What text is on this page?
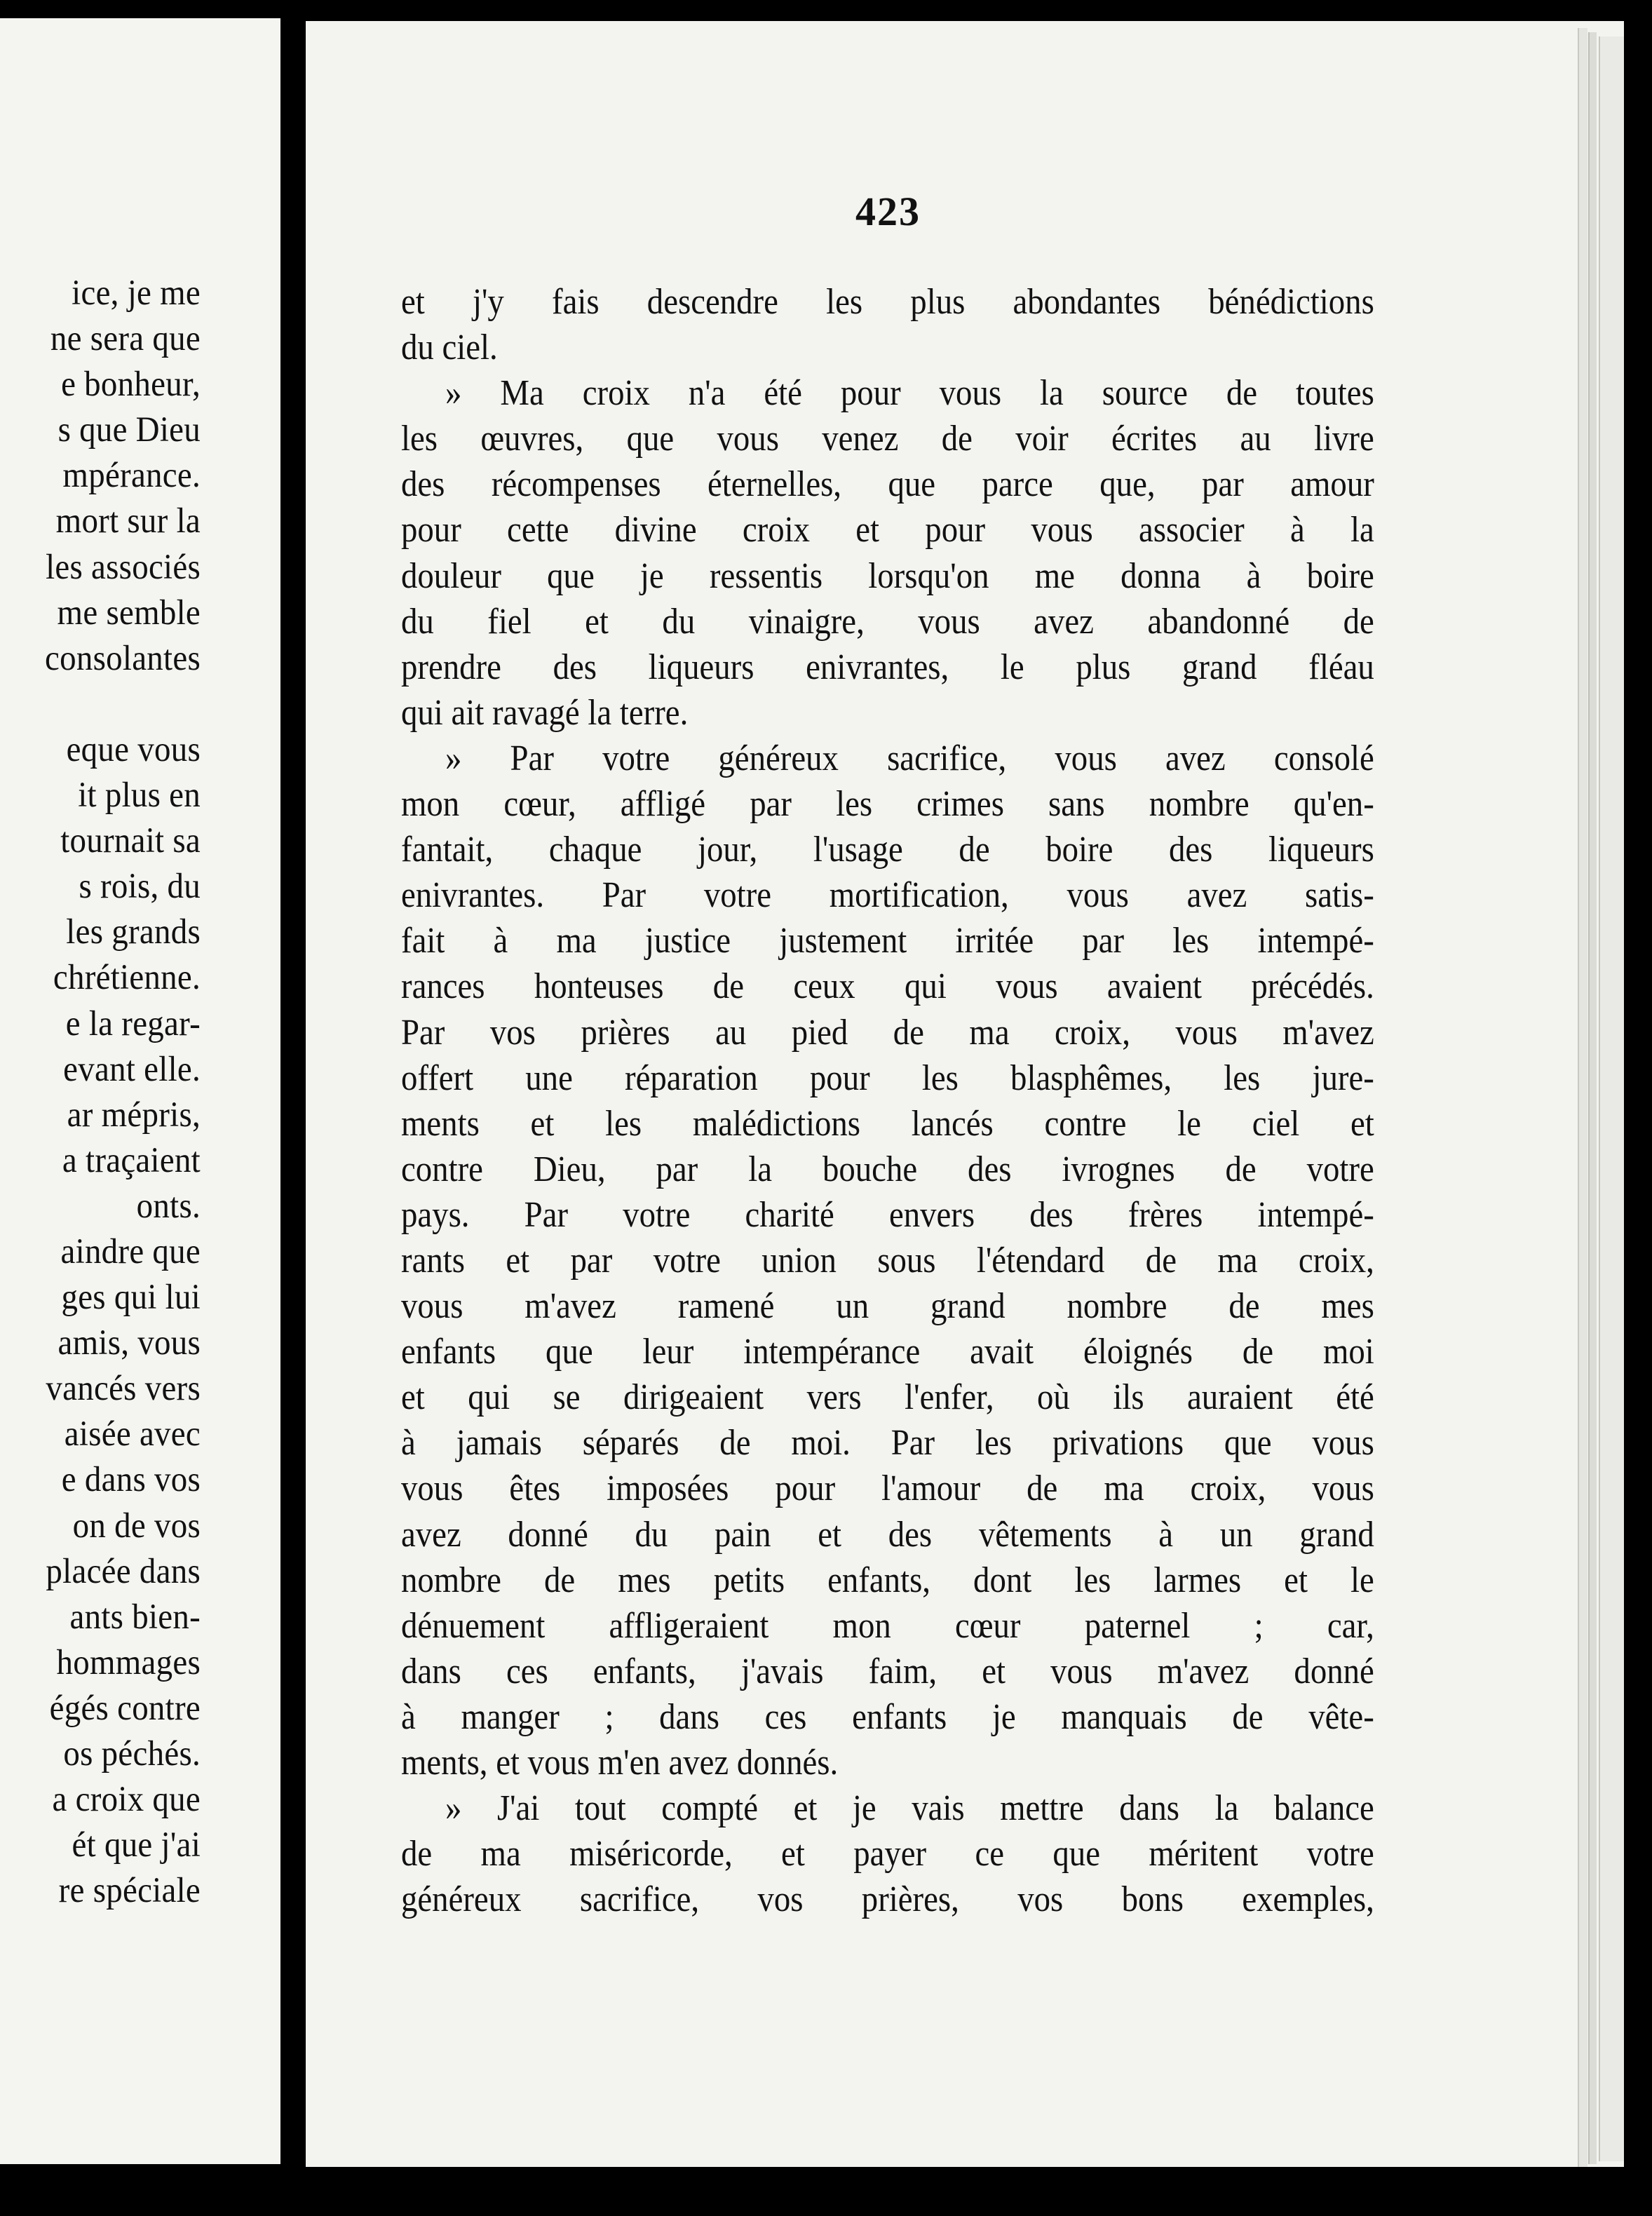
ice, je me
ne sera que
e bonheur,
s que Dieu
mpérance.
mort sur la
les associés
me semble
consolantes
eque vous
it plus en
tournait sa
s rois, du
les grands
chrétienne.
e la regar-
evant elle.
ar mépris,
a traçaient
onts.
aindre que
ges qui lui
amis, vous
vancés vers
aisée avec
e dans vos
on de vos
placée dans
ants bien-
hommages
égés contre
os péchés.
a croix que
ét que j'ai
re spéciale
423
et j'y fais descendre les plus abondantes bénédictions
du ciel.
» Ma croix n'a été pour vous la source de toutes
les œuvres, que vous venez de voir écrites au livre
des récompenses éternelles, que parce que, par amour
pour cette divine croix et pour vous associer à la
douleur que je ressentis lorsqu'on me donna à boire
du fiel et du vinaigre, vous avez abandonné de
prendre des liqueurs enivrantes, le plus grand fléau
qui ait ravagé la terre.
» Par votre généreux sacrifice, vous avez consolé
mon cœur, affligé par les crimes sans nombre qu'en-
fantait, chaque jour, l'usage de boire des liqueurs
enivrantes. Par votre mortification, vous avez satis-
fait à ma justice justement irritée par les intempé-
rances honteuses de ceux qui vous avaient précédés.
Par vos prières au pied de ma croix, vous m'avez
offert une réparation pour les blasphêmes, les jure-
ments et les malédictions lancés contre le ciel et
contre Dieu, par la bouche des ivrognes de votre
pays. Par votre charité envers des frères intempé-
rants et par votre union sous l'étendard de ma croix,
vous m'avez ramené un grand nombre de mes
enfants que leur intempérance avait éloignés de moi
et qui se dirigeaient vers l'enfer, où ils auraient été
à jamais séparés de moi. Par les privations que vous
vous êtes imposées pour l'amour de ma croix, vous
avez donné du pain et des vêtements à un grand
nombre de mes petits enfants, dont les larmes et le
dénuement affligeraient mon cœur paternel ; car,
dans ces enfants, j'avais faim, et vous m'avez donné
à manger ; dans ces enfants je manquais de vête-
ments, et vous m'en avez donnés.
» J'ai tout compté et je vais mettre dans la balance
de ma miséricorde, et payer ce que méritent votre
généreux sacrifice, vos prières, vos bons exemples,
